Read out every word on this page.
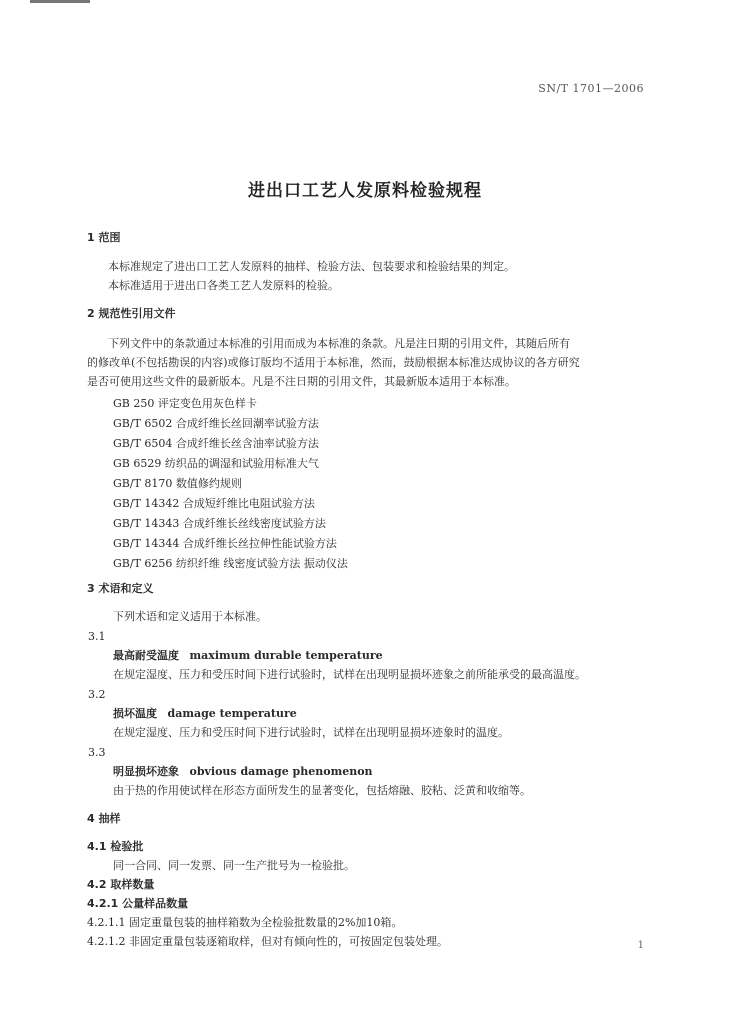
SN/T 1701—2006
进出口工艺人发原料检验规程
1 范围
本标准规定了进出口工艺人发原料的抽样、检验方法、包装要求和检验结果的判定。
本标准适用于进出口各类工艺人发原料的检验。
2 规范性引用文件
下列文件中的条款通过本标准的引用而成为本标准的条款。凡是注日期的引用文件，其随后所有
的修改单(不包括勘误的内容)或修订版均不适用于本标准，然而，鼓励根据本标准达成协议的各方研究
是否可使用这些文件的最新版本。凡是不注日期的引用文件，其最新版本适用于本标准。
GB 250 评定变色用灰色样卡
GB/T 6502 合成纤维长丝回潮率试验方法
GB/T 6504 合成纤维长丝含油率试验方法
GB 6529 纺织品的调湿和试验用标准大气
GB/T 8170 数值修约规则
GB/T 14342 合成短纤维比电阻试验方法
GB/T 14343 合成纤维长丝线密度试验方法
GB/T 14344 合成纤维长丝拉伸性能试验方法
GB/T 6256 纺织纤维 线密度试验方法 振动仪法
3 术语和定义
下列术语和定义适用于本标准。
3.1
最高耐受温度 maximum durable temperature
在规定湿度、压力和受压时间下进行试验时，试样在出现明显损坏迹象之前所能承受的最高温度。
3.2
损坏温度 damage temperature
在规定湿度、压力和受压时间下进行试验时，试样在出现明显损坏迹象时的温度。
3.3
明显损坏迹象 obvious damage phenomenon
由于热的作用使试样在形态方面所发生的显著变化，包括熔融、胶粘、泛黄和收缩等。
4 抽样
4.1 检验批
同一合同、同一发票、同一生产批号为一检验批。
4.2 取样数量
4.2.1 公量样品数量
4.2.1.1 固定重量包装的抽样箱数为全检验批数量的2%加10箱。
4.2.1.2 非固定重量包装逐箱取样，但对有倾向性的，可按固定包装处理。	1
